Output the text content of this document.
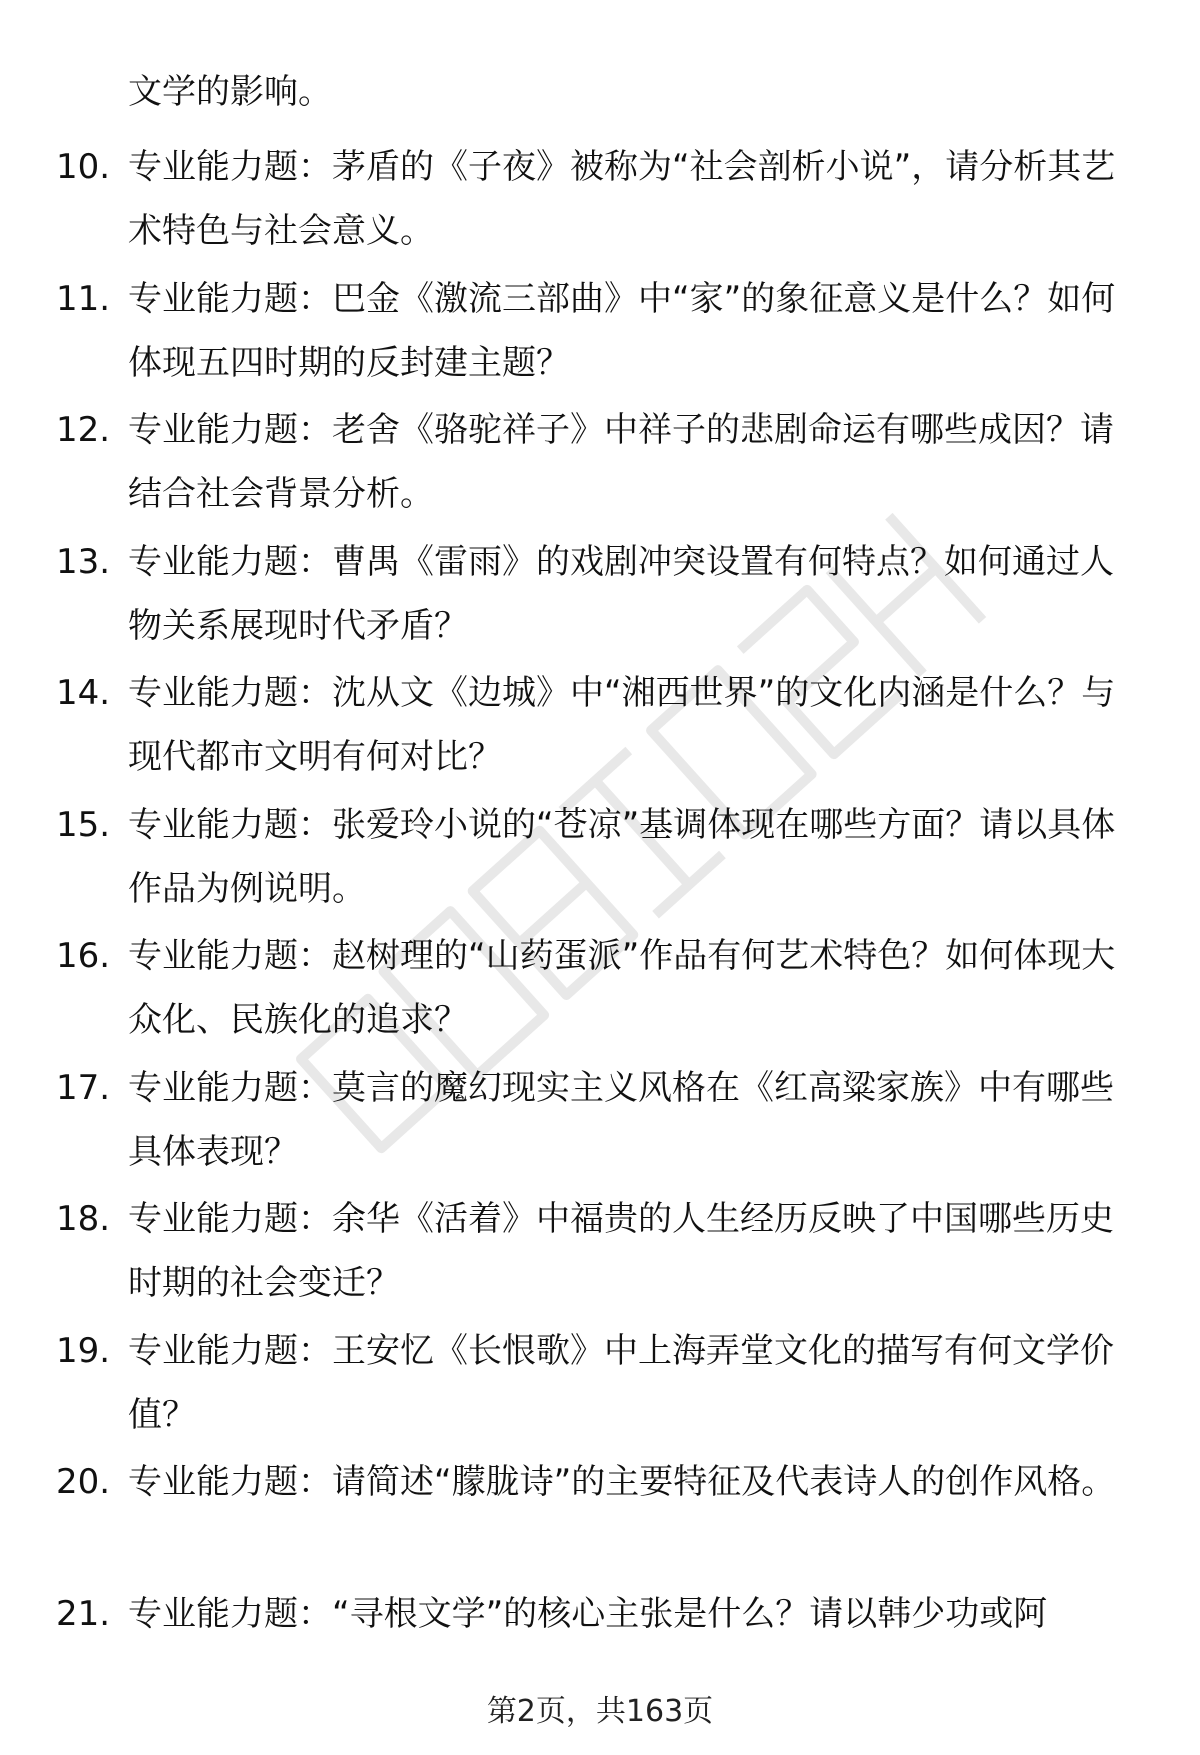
文学的影响。
10. 专业能力题：茅盾的《子夜》被称为“社会剖析小说”，请分析其艺术特色与社会意义。
11. 专业能力题：巴金《激流三部曲》中“家”的象征意义是什么？如何体现五四时期的反封建主题？
12. 专业能力题：老舍《骆驼祥子》中祥子的悲剧命运有哪些成因？请结合社会背景分析。
13. 专业能力题：曹禺《雷雨》的戏剧冲突设置有何特点？如何通过人物关系展现时代矛盾？
14. 专业能力题：沈从文《边城》中“湘西世界”的文化内涵是什么？与现代都市文明有何对比？
15. 专业能力题：张爱玲小说的“苍凉”基调体现在哪些方面？请以具体作品为例说明。
16. 专业能力题：赵树理的“山药蛋派”作品有何艺术特色？如何体现大众化、民族化的追求？
17. 专业能力题：莫言的魔幻现实主义风格在《红高粱家族》中有哪些具体表现？
18. 专业能力题：余华《活着》中福贵的人生经历反映了中国哪些历史时期的社会变迁？
19. 专业能力题：王安忆《长恨歌》中上海弄堂文化的描写有何文学价值？
20. 专业能力题：请简述“朦胧诗”的主要特征及代表诗人的创作风格。
21. 专业能力题：“寻根文学”的核心主张是什么？请以韩少功或阿
第2页，共163页
